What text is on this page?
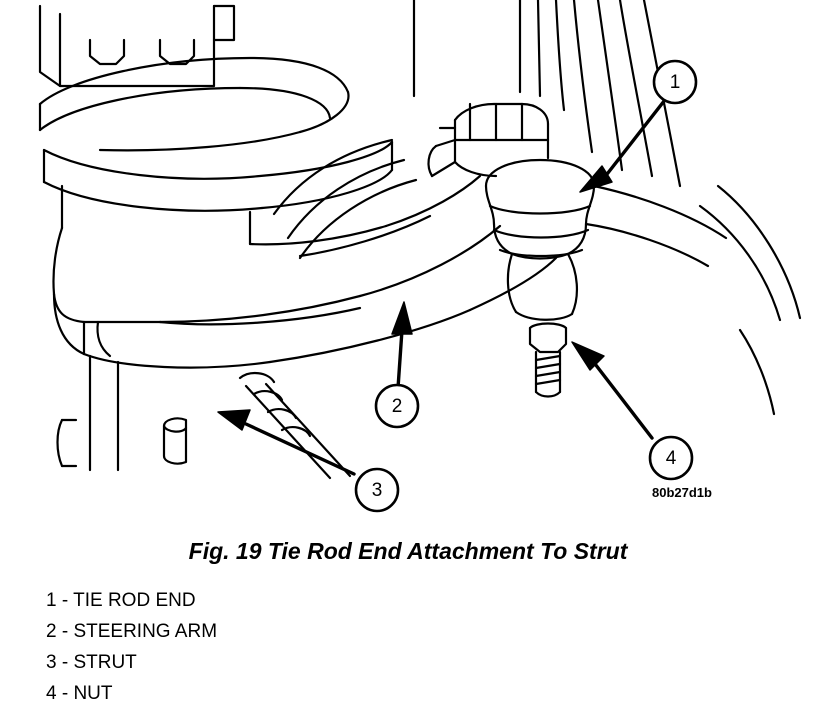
1
2
3
4
80b27d1b
Fig. 19 Tie Rod End Attachment To Strut
1 - TIE ROD END
2 - STEERING ARM
3 - STRUT
4 - NUT
